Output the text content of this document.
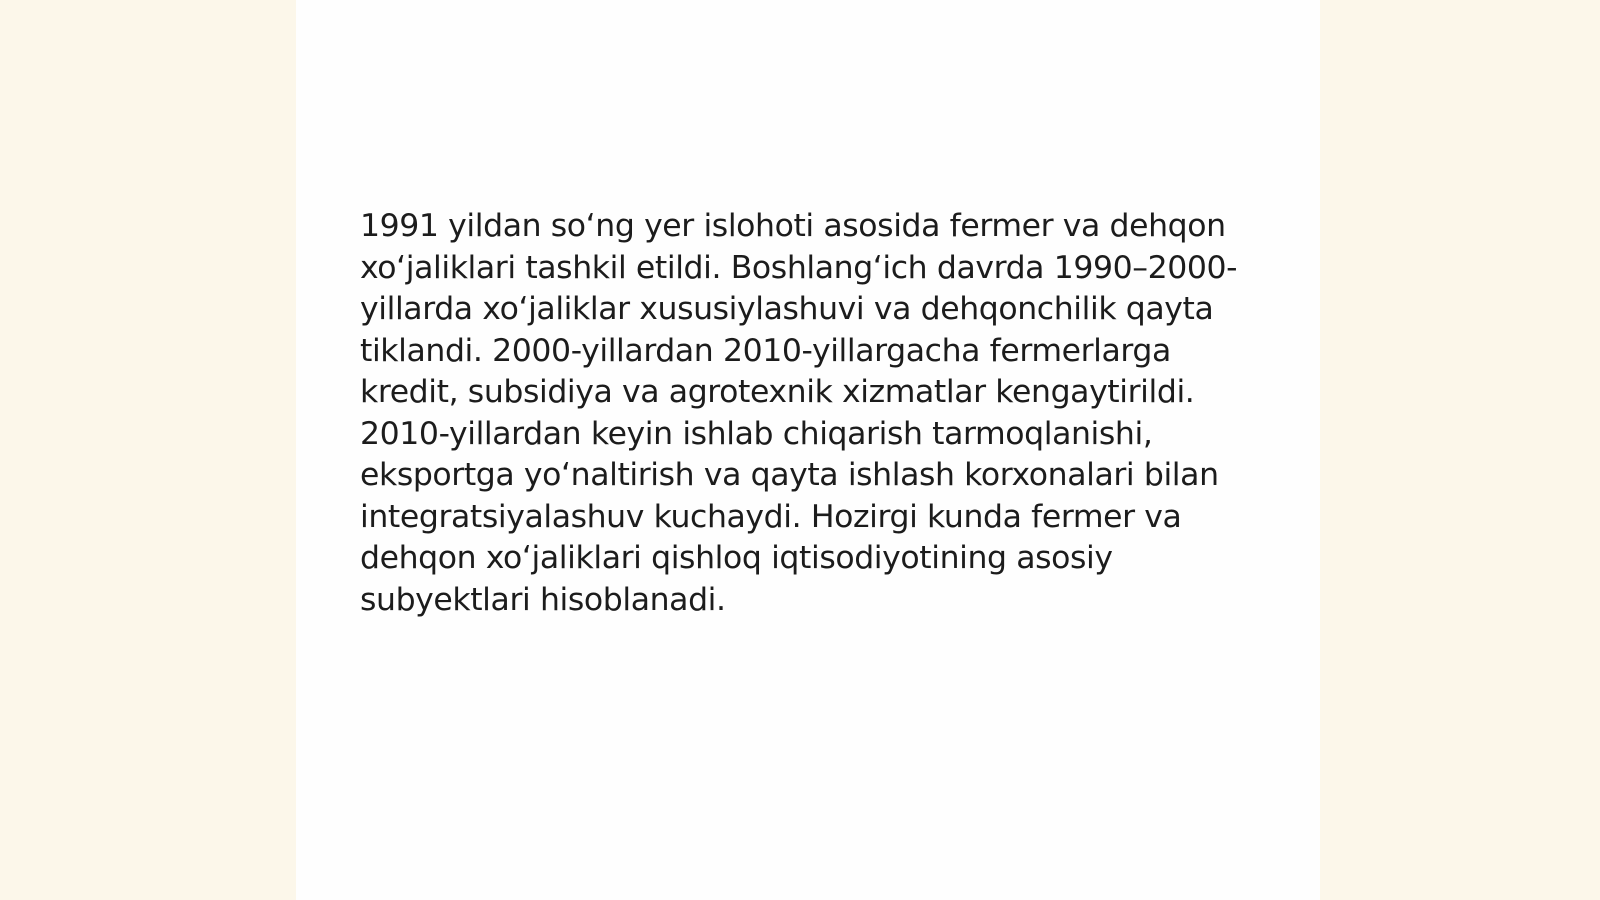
1991 yildan so‘ng yer islohoti asosida fermer va dehqon xo‘jaliklari tashkil etildi. Boshlang‘ich davrda 1990–2000-yillarda xo‘jaliklar xususiylashuvi va dehqonchilik qayta tiklandi. 2000-yillardan 2010-yillargacha fermerlarga kredit, subsidiya va agrotexnik xizmatlar kengaytirildi. 2010-yillardan keyin ishlab chiqarish tarmoqlanishi, eksportga yo‘naltirish va qayta ishlash korxonalari bilan integratsiyalashuv kuchaydi. Hozirgi kunda fermer va dehqon xo‘jaliklari qishloq iqtisodiyotining asosiy subyektlari hisoblanadi.
